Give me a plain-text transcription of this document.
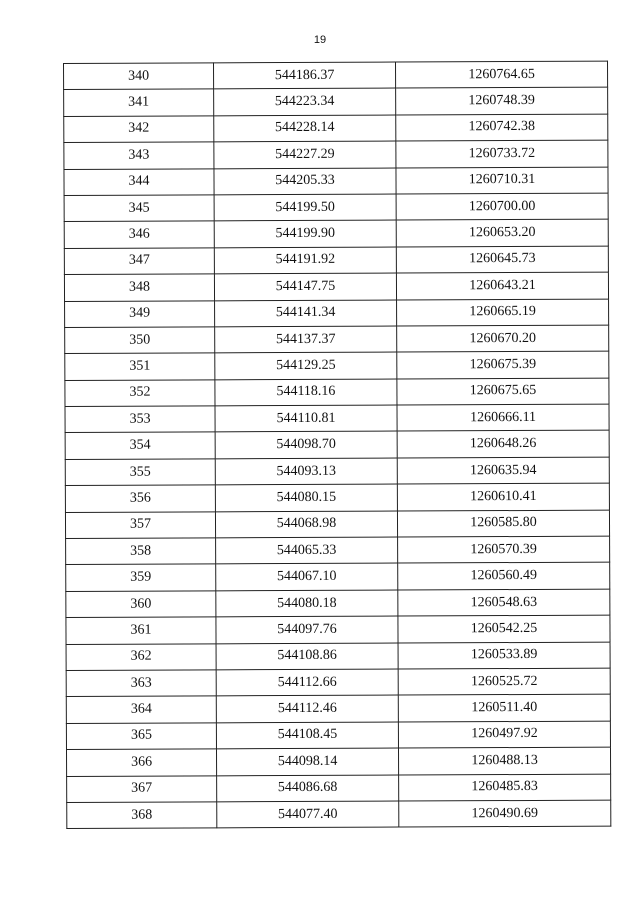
19
340	544186.37	1260764.65
341	544223.34	1260748.39
342	544228.14	1260742.38
343	544227.29	1260733.72
344	544205.33	1260710.31
345	544199.50	1260700.00
346	544199.90	1260653.20
347	544191.92	1260645.73
348	544147.75	1260643.21
349	544141.34	1260665.19
350	544137.37	1260670.20
351	544129.25	1260675.39
352	544118.16	1260675.65
353	544110.81	1260666.11
354	544098.70	1260648.26
355	544093.13	1260635.94
356	544080.15	1260610.41
357	544068.98	1260585.80
358	544065.33	1260570.39
359	544067.10	1260560.49
360	544080.18	1260548.63
361	544097.76	1260542.25
362	544108.86	1260533.89
363	544112.66	1260525.72
364	544112.46	1260511.40
365	544108.45	1260497.92
366	544098.14	1260488.13
367	544086.68	1260485.83
368	544077.40	1260490.69
